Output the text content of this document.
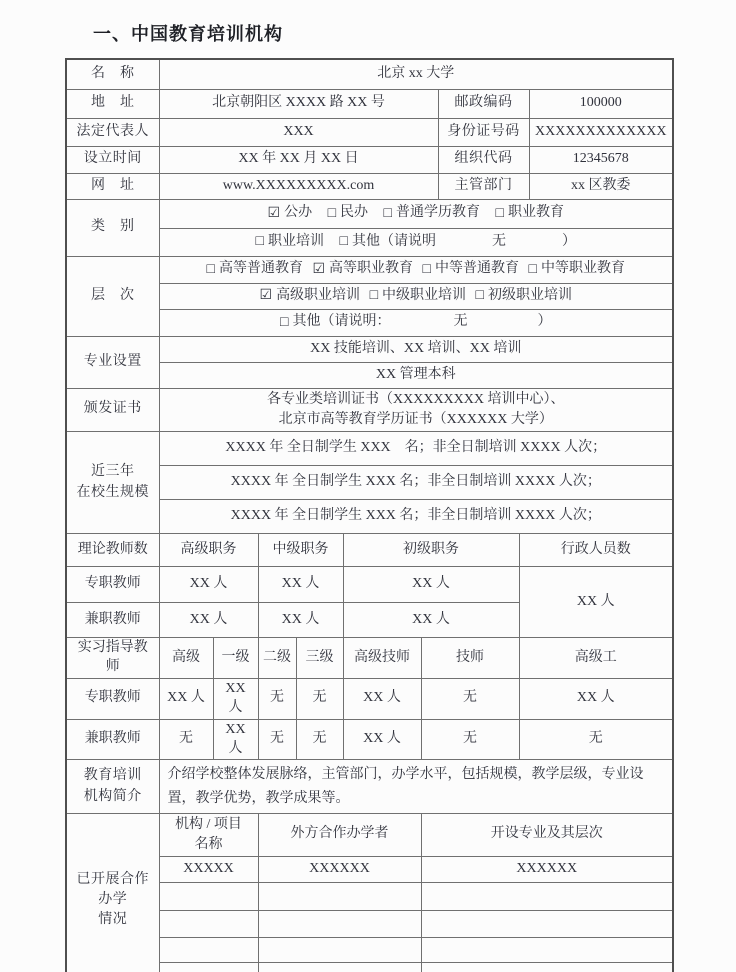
一、中国教育培训机构
名　称	北京 xx 大学								
地　址	北京朝阳区 XXXX 路 XX 号						邮政编码		100000
法定代表人	XXX						身份证号码		XXXXXXXXXXXXX
设立时间	XX 年 XX 月 XX 日						组织代码		12345678
网　址	www.XXXXXXXXX.com						主管部门		xx 区教委
类　别	☑ 公办 □ 民办 □ 普通学历教育 □ 职业教育								
	□ 职业培训 □ 其他（请说明　　　　无　　　　）								
层　次	□ 高等普通教育 ☑ 高等职业教育 □ 中等普通教育 □ 中等职业教育								
	☑ 高级职业培训 □ 中级职业培训 □ 初级职业培训								
	□ 其他（请说明：　　　　　无　　　　　）								
专业设置	XX 技能培训、XX 培训、XX 培训								
	XX 管理本科								
颁发证书	各专业类培训证书（XXXXXXXXX 培训中心）、
北京市高等教育学历证书（XXXXXX 大学）								

近三年
在校生规模	XXXX 年 全日制学生 XXX　名；非全日制培训 XXXX 人次；								
	XXXX 年 全日制学生 XXX 名；非全日制培训 XXXX 人次；								
	XXXX 年 全日制学生 XXX 名；非全日制培训 XXXX 人次；								
理论教师数	高级职务		中级职务		初级职务			行政人员数	
专职教师	XX 人		XX 人		XX 人			XX 人	
兼职教师	XX 人		XX 人		XX 人				
实习指导教师	高级	一级	二级	三级	高级技师	技师		高级工	
专职教师	XX 人	XX 人	无	无	XX 人	无		XX 人	
兼职教师	无	XX 人	无	无	XX 人	无		无	

教育培训
机构简介	介绍学校整体发展脉络，主管部门，办学水平，包括规模，教学层级，专业设置，教学优势，教学成果等。								

已开展合作办学
情况

机构 / 项目
名称
	外方合作办学者	开设专业及其层次
	XXXXX		XXXXXX			XXXXXX			
